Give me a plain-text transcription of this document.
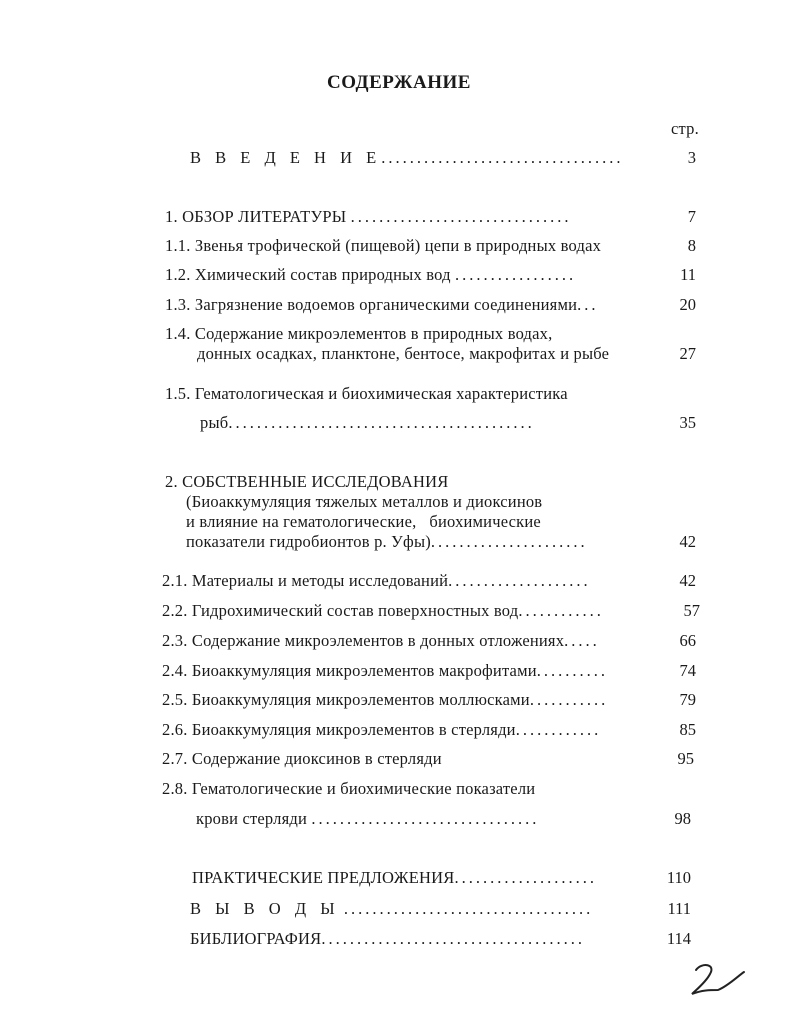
СОДЕРЖАНИЕ
стр.
В В Е Д Е Н И Е..................................	3
1. ОБЗОР ЛИТЕРАТУРЫ ...............................	7
1.1. Звенья трофической (пищевой) цепи в природных водах	8
1.2. Химический состав природных вод .................	11
1.3. Загрязнение водоемов органическими соединениями...	20
1.4. Содержание микроэлементов в природных водах,
донных осадках, планктоне, бентосе, макрофитах и рыбе	27
1.5. Гематологическая и биохимическая характеристика
рыб...........................................	35
2. СОБСТВЕННЫЕ ИССЛЕДОВАНИЯ
(Биоаккумуляция тяжелых металлов и диоксинов
и влияние на гематологические,   биохимические
показатели гидробионтов р. Уфы)......................	42
2.1. Материалы и методы исследований....................	42
2.2. Гидрохимический состав поверхностных вод............	57
2.3. Содержание микроэлементов в донных отложениях.....	66
2.4. Биоаккумуляция микроэлементов макрофитами..........	74
2.5. Биоаккумуляция микроэлементов моллюсками...........	79
2.6. Биоаккумуляция микроэлементов в стерляди............	85
2.7. Содержание диоксинов в стерляди	95
2.8. Гематологические и биохимические показатели
крови стерляди ................................	98
ПРАКТИЧЕСКИЕ ПРЕДЛОЖЕНИЯ....................	110
В Ы В О Д Ы ...................................	111
БИБЛИОГРАФИЯ.....................................	114
